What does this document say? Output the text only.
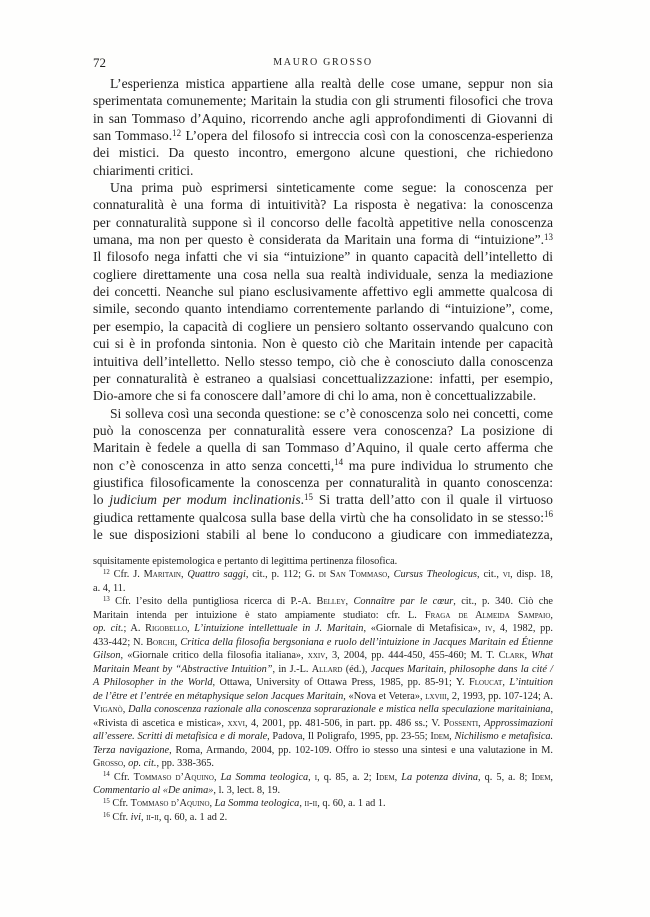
72	MAURO GROSSO
L’esperienza mistica appartiene alla realtà delle cose umane, seppur non sia
sperimentata comunemente; Maritain la studia con gli strumenti filosofici che trova
in san Tommaso d’Aquino, ricorrendo anche agli approfondimenti di Giovanni di
san Tommaso.$^{12}$ L’opera del filosofo si intreccia così con la conoscenza-esperienza
dei mistici. Da questo incontro, emergono alcune questioni, che richiedono
chiarimenti critici.
Una prima può esprimersi sinteticamente come segue: la conoscenza per
connaturalità è una forma di intuitività? La risposta è negativa: la conoscenza
per connaturalità suppone sì il concorso delle facoltà appetitive nella conoscenza
umana, ma non per questo è considerata da Maritain una forma di “intuizione”.$^{13}$
Il filosofo nega infatti che vi sia “intuizione” in quanto capacità dell’intelletto di
cogliere direttamente una cosa nella sua realtà individuale, senza la mediazione
dei concetti. Neanche sul piano esclusivamente affettivo egli ammette qualcosa di
simile, secondo quanto intendiamo correntemente parlando di “intuizione”, come,
per esempio, la capacità di cogliere un pensiero soltanto osservando qualcuno con
cui si è in profonda sintonia. Non è questo ciò che Maritain intende per capacità
intuitiva dell’intelletto. Nello stesso tempo, ciò che è conosciuto dalla conoscenza
per connaturalità è estraneo a qualsiasi concettualizzazione: infatti, per esempio,
Dio-amore che si fa conoscere dall’amore di chi lo ama, non è concettualizzabile.
Si solleva così una seconda questione: se c’è conoscenza solo nei concetti, come
può la conoscenza per connaturalità essere vera conoscenza? La posizione di
Maritain è fedele a quella di san Tommaso d’Aquino, il quale certo afferma che
non c’è conoscenza in atto senza concetti,$^{14}$ ma pure individua lo strumento che
giustifica filosoficamente la conoscenza per connaturalità in quanto conoscenza:
lo judicium per modum inclinationis.$^{15}$ Si tratta dell’atto con il quale il virtuoso
giudica rettamente qualcosa sulla base della virtù che ha consolidato in se stesso:$^{16}$
le sue disposizioni stabili al bene lo conducono a giudicare con immediatezza,
squisitamente epistemologica e pertanto di legittima pertinenza filosofica.
$^{12}$ Cfr. J. Maritain, Quattro saggi, cit., p. 112; G. di San Tommaso, Cursus Theologicus, cit., vi, disp. 18,
a. 4, 11.
$^{13}$ Cfr. l’esito della puntigliosa ricerca di P.-A. Belley, Connaître par le cœur, cit., p. 340. Ciò che
Maritain intenda per intuizione è stato ampiamente studiato: cfr. L. Fraga de Almeida Sampaio,
op. cit.; A. Rigobello, L’intuizione intellettuale in J. Maritain, «Giornale di Metafisica», iv, 4, 1982, pp.
433-442; N. Borchi, Critica della filosofia bergsoniana e ruolo dell’intuizione in Jacques Maritain ed Étienne
Gilson, «Giornale critico della filosofia italiana», xxiv, 3, 2004, pp. 444-450, 455-460; M. T. Clark, What
Maritain Meant by “Abstractive Intuition”, in J.-L. Allard (éd.), Jacques Maritain, philosophe dans la cité /
A Philosopher in the World, Ottawa, University of Ottawa Press, 1985, pp. 85-91; Y. Floucat, L’intuition
de l’être et l’entrée en métaphysique selon Jacques Maritain, «Nova et Vetera», lxviii, 2, 1993, pp. 107-124; A.
Viganò, Dalla conoscenza razionale alla conoscenza soprarazionale e mistica nella speculazione maritainiana,
«Rivista di ascetica e mistica», xxvi, 4, 2001, pp. 481-506, in part. pp. 486 ss.; V. Possenti, Approssimazioni
all’essere. Scritti di metafisica e di morale, Padova, Il Poligrafo, 1995, pp. 23-55; Idem, Nichilismo e metafisica.
Terza navigazione, Roma, Armando, 2004, pp. 102-109. Offro io stesso una sintesi e una valutazione in M.
Grosso, op. cit., pp. 338-365.
$^{14}$ Cfr. Tommaso d’Aquino, La Somma teologica, i, q. 85, a. 2; Idem, La potenza divina, q. 5, a. 8; Idem,
Commentario al «De anima», l. 3, lect. 8, 19.
$^{15}$ Cfr. Tommaso d’Aquino, La Somma teologica, ii-ii, q. 60, a. 1 ad 1.
$^{16}$ Cfr. ivi, ii-ii, q. 60, a. 1 ad 2.
